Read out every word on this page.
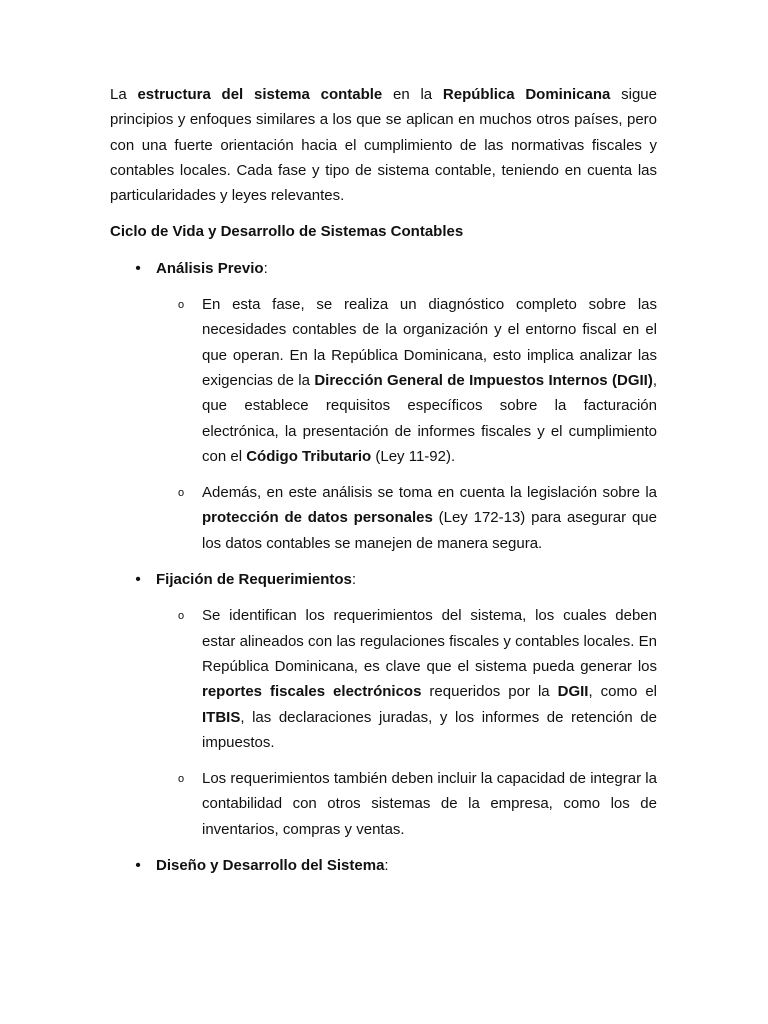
La estructura del sistema contable en la República Dominicana sigue principios y enfoques similares a los que se aplican en muchos otros países, pero con una fuerte orientación hacia el cumplimiento de las normativas fiscales y contables locales. Cada fase y tipo de sistema contable, teniendo en cuenta las particularidades y leyes relevantes.

Ciclo de Vida y Desarrollo de Sistemas Contables
• Análisis Previo:
o En esta fase, se realiza un diagnóstico completo sobre las necesidades contables de la organización y el entorno fiscal en el que operan. En la República Dominicana, esto implica analizar las exigencias de la Dirección General de Impuestos Internos (DGII), que establece requisitos específicos sobre la facturación electrónica, la presentación de informes fiscales y el cumplimiento con el Código Tributario (Ley 11-92).
o Además, en este análisis se toma en cuenta la legislación sobre la protección de datos personales (Ley 172-13) para asegurar que los datos contables se manejen de manera segura.
• Fijación de Requerimientos:
o Se identifican los requerimientos del sistema, los cuales deben estar alineados con las regulaciones fiscales y contables locales. En República Dominicana, es clave que el sistema pueda generar los reportes fiscales electrónicos requeridos por la DGII, como el ITBIS, las declaraciones juradas, y los informes de retención de impuestos.
o Los requerimientos también deben incluir la capacidad de integrar la contabilidad con otros sistemas de la empresa, como los de inventarios, compras y ventas.
• Diseño y Desarrollo del Sistema:
